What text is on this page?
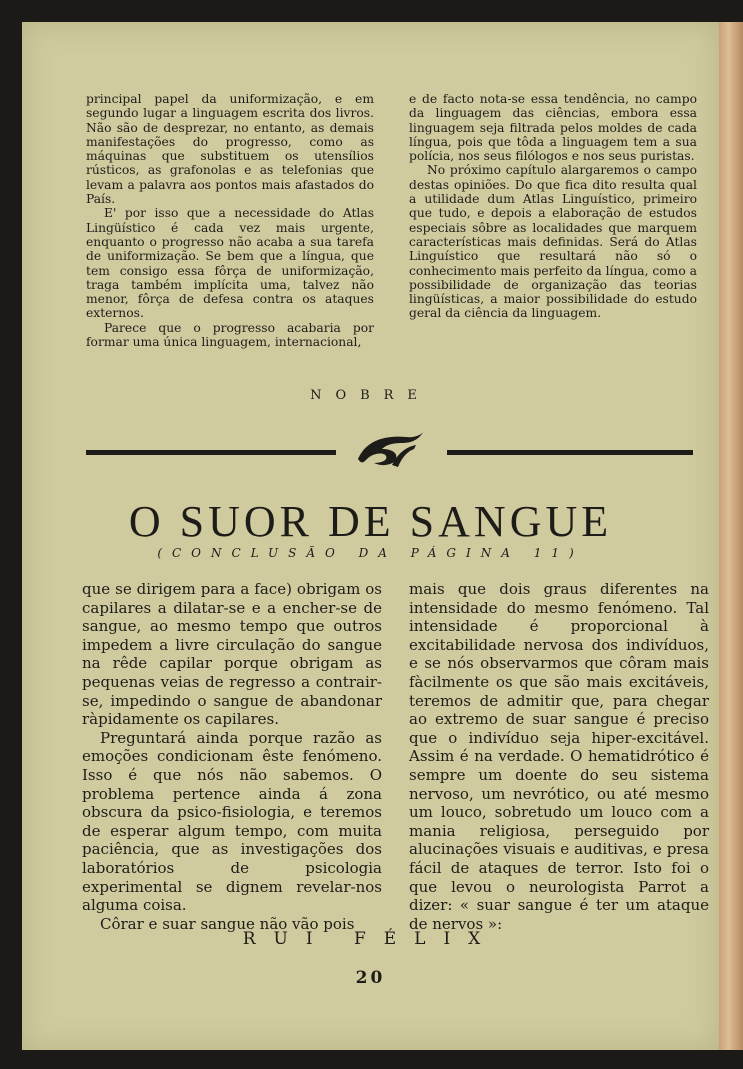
principal papel da uniformização, e em segundo lugar a linguagem escrita dos livros. Não são de desprezar, no entanto, as demais manifestações do progresso, como as máquinas que substituem os utensílios rústicos, as grafonolas e as telefonias que levam a palavra aos pontos mais afastados do País.

E' por isso que a necessidade do Atlas Lingüístico é cada vez mais urgente, enquanto o progresso não acaba a sua tarefa de uniformização. Se bem que a língua, que tem consigo essa fôrça de uniformização, traga também implícita uma, talvez não menor, fôrça de defesa contra os ataques externos.

Parece que o progresso acabaria por formar uma única linguagem, internacional,

e de facto nota-se essa tendência, no campo da linguagem das ciências, embora essa linguagem seja filtrada pelos moldes de cada língua, pois que tôda a linguagem tem a sua polícia, nos seus filólogos e nos seus puristas.

No próximo capítulo alargaremos o campo destas opiniões. Do que fica dito resulta qual a utilidade dum Atlas Linguístico, primeiro que tudo, e depois a elaboração de estudos especiais sôbre as localidades que marquem características mais definidas. Será do Atlas Linguístico que resultará não só o conhecimento mais perfeito da língua, como a possibilidade de organização das teorias lingüísticas, a maior possibilidade do estudo geral da ciência da linguagem.

NOBRE
O SUOR DE SANGUE
(CONCLUSÃO DA PÁGINA 11)

que se dirigem para a face) obrigam os capilares a dilatar-se e a encher-se de sangue, ao mesmo tempo que outros impedem a livre circulação do sangue na rêde capilar porque obrigam as pequenas veias de regresso a contrair-se, impedindo o sangue de abandonar ràpidamente os capilares.

Preguntará ainda porque razão as emoções condicionam êste fenómeno. Isso é que nós não sabemos. O problema pertence ainda á zona obscura da psico-fisiologia, e teremos de esperar algum tempo, com muita paciência, que as investigações dos laboratórios de psicologia experimental se dignem revelar-nos alguma coisa.

Côrar e suar sangue não vão pois

mais que dois graus diferentes na intensidade do mesmo fenómeno. Tal intensidade é proporcional à excitabilidade nervosa dos indivíduos, e se nós observarmos que côram mais fàcilmente os que são mais excitáveis, teremos de admitir que, para chegar ao extremo de suar sangue é preciso que o indivíduo seja hiper-excitável. Assim é na verdade. O hematidrótico é sempre um doente do seu sistema nervoso, um nevrótico, ou até mesmo um louco, sobretudo um louco com a mania religiosa, perseguido por alucinações visuais e auditivas, e presa fácil de ataques de terror. Isto foi o que levou o neurologista Parrot a dizer: « suar sangue é ter um ataque de nervos »:

RUI FÉLIX
20
